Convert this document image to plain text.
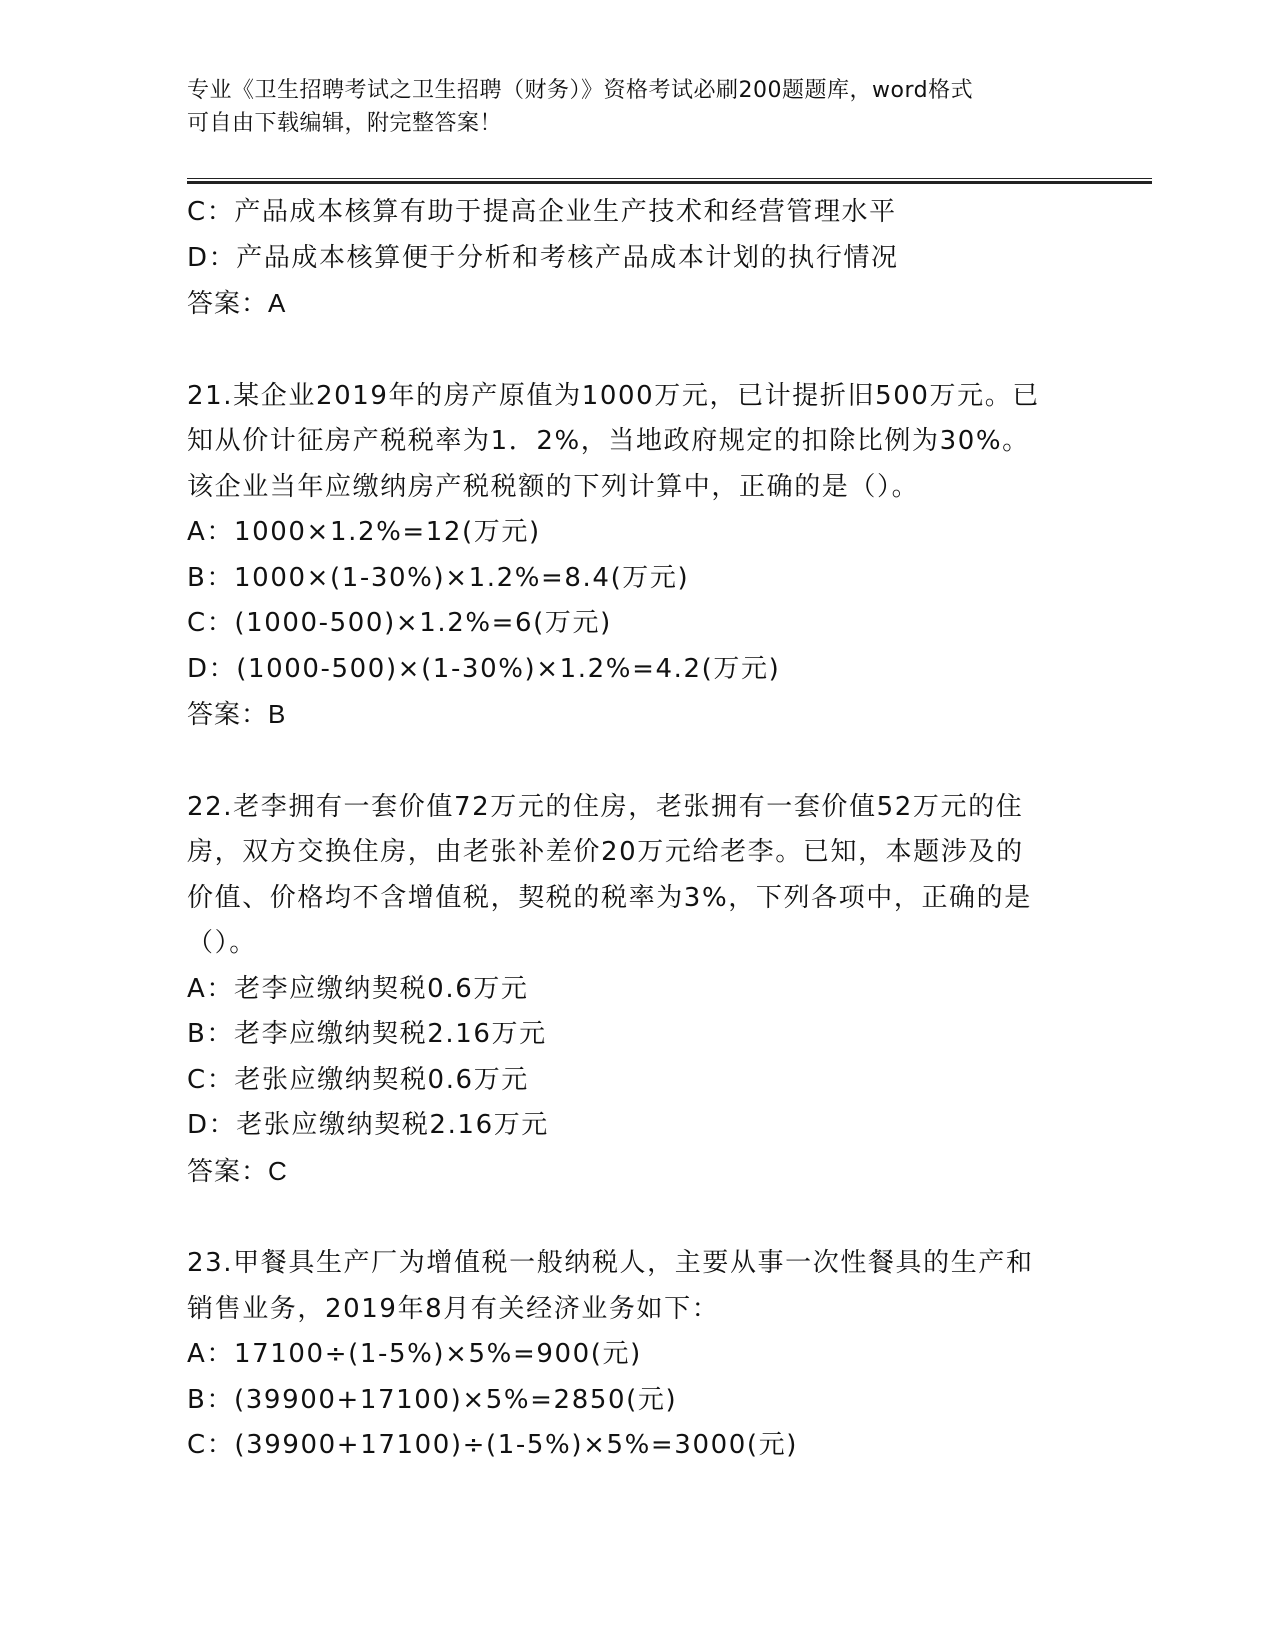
专业《卫生招聘考试之卫生招聘（财务）》资格考试必刷200题题库，word格式
可自由下载编辑，附完整答案！
C：产品成本核算有助于提高企业生产技术和经营管理水平
D：产品成本核算便于分析和考核产品成本计划的执行情况
答案：A
21.某企业2019年的房产原值为1000万元，已计提折旧500万元。已
知从价计征房产税税率为1．2%，当地政府规定的扣除比例为30%。
该企业当年应缴纳房产税税额的下列计算中，正确的是（）。
A：1000×1.2%=12(万元)
B：1000×(1-30%)×1.2%=8.4(万元)
C：(1000-500)×1.2%=6(万元)
D：(1000-500)×(1-30%)×1.2%=4.2(万元)
答案：B
22.老李拥有一套价值72万元的住房，老张拥有一套价值52万元的住
房，双方交换住房，由老张补差价20万元给老李。已知，本题涉及的
价值、价格均不含增值税，契税的税率为3%，下列各项中，正确的是
（）。
A：老李应缴纳契税0.6万元
B：老李应缴纳契税2.16万元
C：老张应缴纳契税0.6万元
D：老张应缴纳契税2.16万元
答案：C
23.甲餐具生产厂为增值税一般纳税人，主要从事一次性餐具的生产和
销售业务，2019年8月有关经济业务如下：
A：17100÷(1-5%)×5%=900(元)
B：(39900+17100)×5%=2850(元)
C：(39900+17100)÷(1-5%)×5%=3000(元)
